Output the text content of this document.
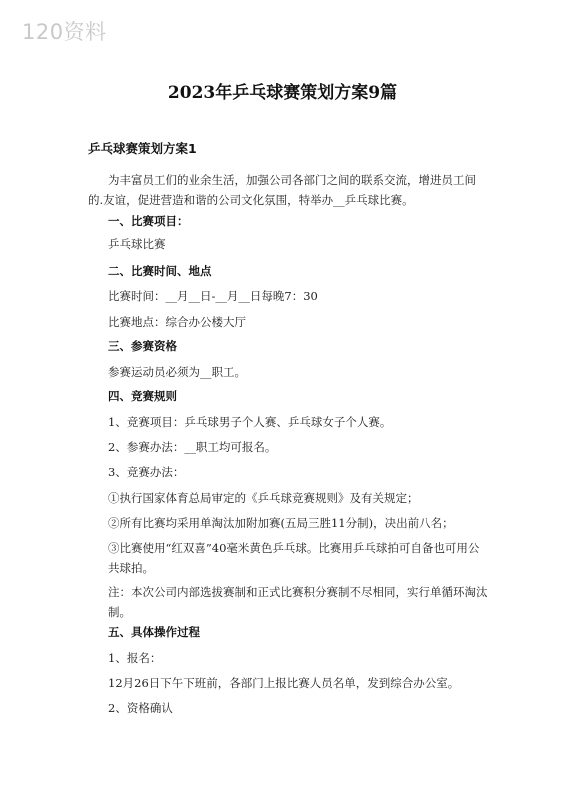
120资料
2023年乒乓球赛策划方案9篇
乒乓球赛策划方案1
为丰富员工们的业余生活，加强公司各部门之间的联系交流，增进员工间的.友谊，促进营造和谐的公司文化氛围，特举办__乒乓球比赛。
一、比赛项目：
乒乓球比赛
二、比赛时间、地点
比赛时间：__月__日-__月__日每晚7：30
比赛地点：综合办公楼大厅
三、参赛资格
参赛运动员必须为__职工。
四、竞赛规则
1、竞赛项目：乒乓球男子个人赛、乒乓球女子个人赛。
2、参赛办法：__职工均可报名。
3、竞赛办法：
①执行国家体育总局审定的《乒乓球竞赛规则》及有关规定；
②所有比赛均采用单淘汰加附加赛(五局三胜11分制)，决出前八名；
③比赛使用“红双喜”40毫米黄色乒乓球。比赛用乒乓球拍可自备也可用公共球拍。
注：本次公司内部选拔赛制和正式比赛积分赛制不尽相同，实行单循环淘汰制。
五、具体操作过程
1、报名：
12月26日下午下班前，各部门上报比赛人员名单，发到综合办公室。
2、资格确认
